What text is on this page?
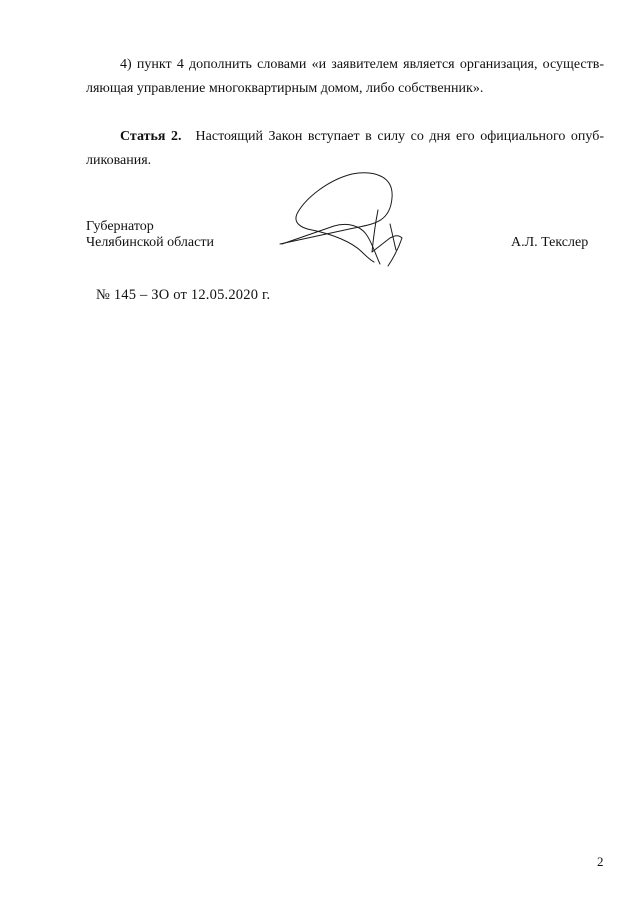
4) пункт 4 дополнить словами «и заявителем является организация, осуществ-
ляющая управление многоквартирным домом, либо собственник».
Статья 2. Настоящий Закон вступает в силу со дня его официального опуб-
ликования.
Губернатор
Челябинской области	А.Л. Текслер
№ 145 – ЗО от 12.05.2020 г.
2
